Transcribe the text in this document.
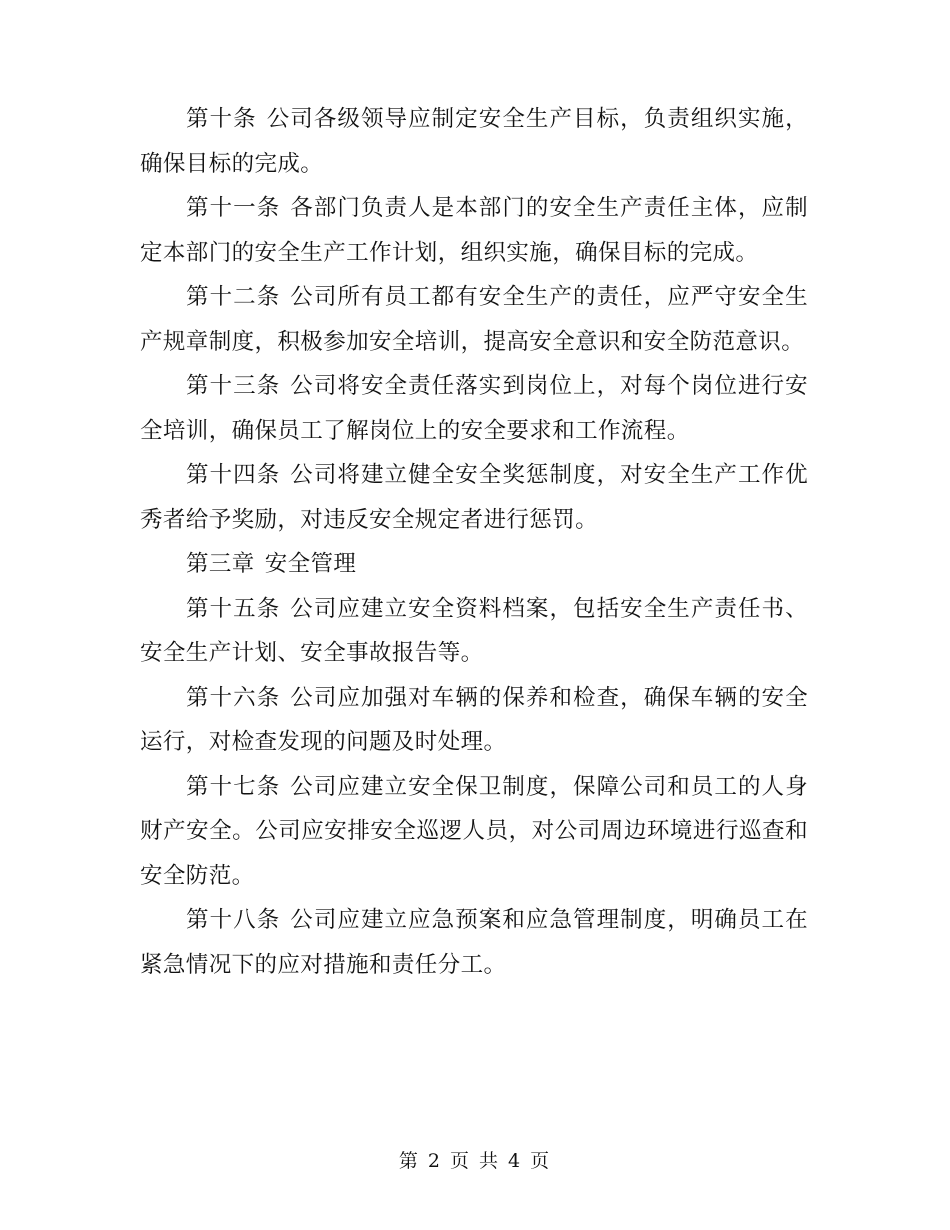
第十条 公司各级领导应制定安全生产目标，负责组织实施，确保目标的完成。

第十一条 各部门负责人是本部门的安全生产责任主体，应制定本部门的安全生产工作计划，组织实施，确保目标的完成。

第十二条 公司所有员工都有安全生产的责任，应严守安全生产规章制度，积极参加安全培训，提高安全意识和安全防范意识。

第十三条 公司将安全责任落实到岗位上，对每个岗位进行安全培训，确保员工了解岗位上的安全要求和工作流程。

第十四条 公司将建立健全安全奖惩制度，对安全生产工作优秀者给予奖励，对违反安全规定者进行惩罚。

第三章 安全管理

第十五条 公司应建立安全资料档案，包括安全生产责任书、安全生产计划、安全事故报告等。

第十六条 公司应加强对车辆的保养和检查，确保车辆的安全运行，对检查发现的问题及时处理。

第十七条 公司应建立安全保卫制度，保障公司和员工的人身财产安全。公司应安排安全巡逻人员，对公司周边环境进行巡查和安全防范。

第十八条 公司应建立应急预案和应急管理制度，明确员工在紧急情况下的应对措施和责任分工。

第 2 页 共 4 页
